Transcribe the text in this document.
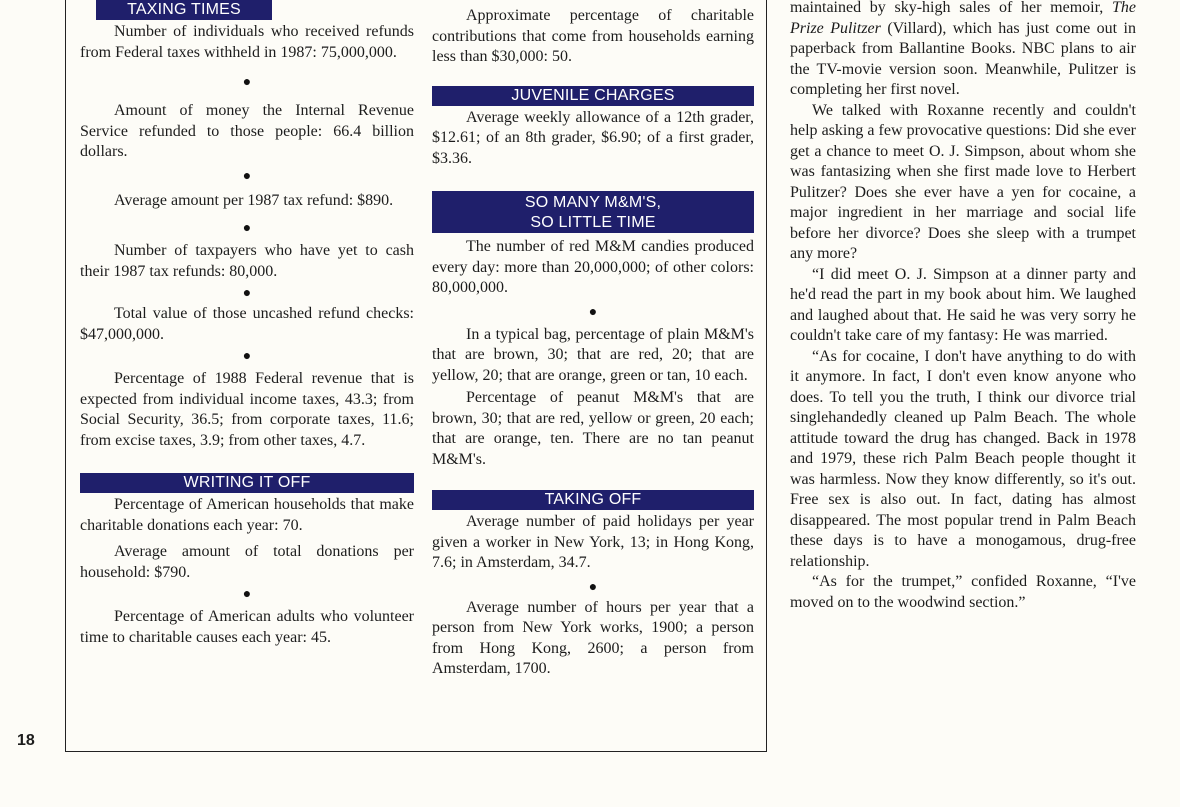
TAXING TIMES

Number of individuals who received refunds from Federal taxes withheld in 1987: 75,000,000.

●

Amount of money the Internal Revenue Service refunded to those people: 66.4 billion dollars.

●

Average amount per 1987 tax refund: $890.

●

Number of taxpayers who have yet to cash their 1987 tax refunds: 80,000.

●

Total value of those uncashed refund checks: $47,000,000.

●

Percentage of 1988 Federal revenue that is expected from individual income taxes, 43.3; from Social Security, 36.5; from corporate taxes, 11.6; from excise taxes, 3.9; from other taxes, 4.7.

WRITING IT OFF

Percentage of American households that make charitable donations each year: 70.

Average amount of total donations per household: $790.

●

Percentage of American adults who volunteer time to charitable causes each year: 45.

Approximate percentage of charitable contributions that come from households earning less than $30,000: 50.

JUVENILE CHARGES

Average weekly allowance of a 12th grader, $12.61; of an 8th grader, $6.90; of a first grader, $3.36.

SO MANY M&M'S,
SO LITTLE TIME

The number of red M&M candies produced every day: more than 20,000,000; of other colors: 80,000,000.

●

In a typical bag, percentage of plain M&M's that are brown, 30; that are red, 20; that are yellow, 20; that are orange, green or tan, 10 each.

Percentage of peanut M&M's that are brown, 30; that are red, yellow or green, 20 each; that are orange, ten. There are no tan peanut M&M's.

TAKING OFF

Average number of paid holidays per year given a worker in New York, 13; in Hong Kong, 7.6; in Amsterdam, 34.7.

●

Average number of hours per year that a person from New York works, 1900; a person from Hong Kong, 2600; a person from Amsterdam, 1700.

maintained by sky-high sales of her memoir, The Prize Pulitzer (Villard), which has just come out in paperback from Ballantine Books. NBC plans to air the TV-movie version soon. Meanwhile, Pulitzer is completing her first novel.

We talked with Roxanne recently and couldn't help asking a few provocative questions: Did she ever get a chance to meet O. J. Simpson, about whom she was fantasizing when she first made love to Herbert Pulitzer? Does she ever have a yen for cocaine, a major ingredient in her marriage and social life before her divorce? Does she sleep with a trumpet any more?

“I did meet O. J. Simpson at a dinner party and he'd read the part in my book about him. We laughed and laughed about that. He said he was very sorry he couldn't take care of my fantasy: He was married.

“As for cocaine, I don't have anything to do with it anymore. In fact, I don't even know anyone who does. To tell you the truth, I think our divorce trial singlehandedly cleaned up Palm Beach. The whole attitude toward the drug has changed. Back in 1978 and 1979, these rich Palm Beach people thought it was harmless. Now they know differently, so it's out. Free sex is also out. In fact, dating has almost disappeared. The most popular trend in Palm Beach these days is to have a monogamous, drug-free relationship.

“As for the trumpet,” confided Roxanne, “I've moved on to the woodwind section.”

18
